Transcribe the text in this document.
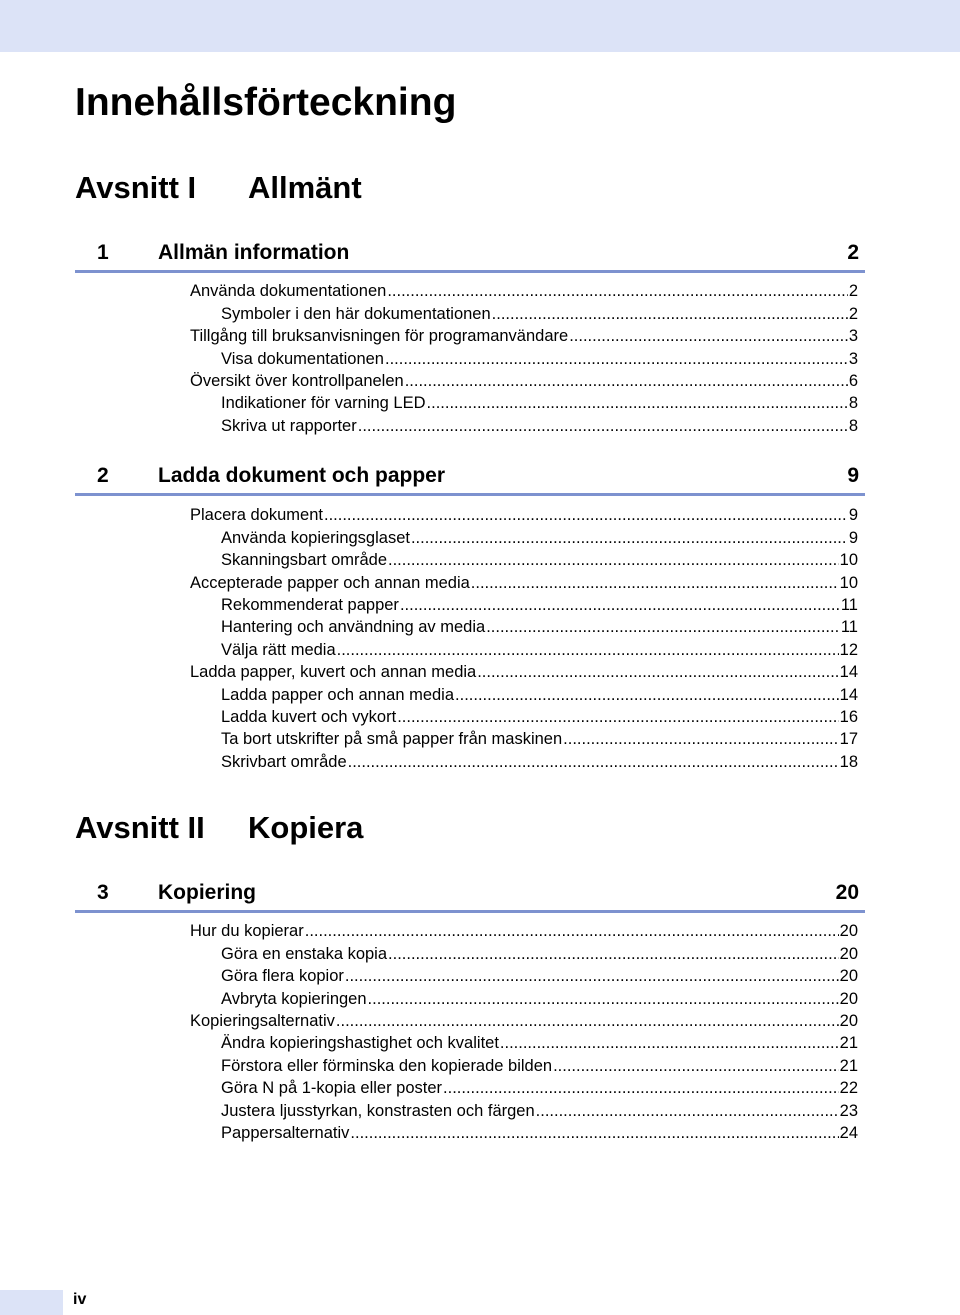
Innehållsförteckning
Avsnitt I Allmänt
1 Allmän information	2
Använda dokumentationen .....	2
Symboler i den här dokumentationen .....	2
Tillgång till bruksanvisningen för programanvändare .....	3
Visa dokumentationen .....	3
Översikt över kontrollpanelen .....	6
Indikationer för varning LED .....	8
Skriva ut rapporter .....	8
2 Ladda dokument och papper	9
Placera dokument .....	9
Använda kopieringsglaset .....	9
Skanningsbart område .....	10
Accepterade papper och annan media .....	10
Rekommenderat papper .....	11
Hantering och användning av media .....	11
Välja rätt media .....	12
Ladda papper, kuvert och annan media .....	14
Ladda papper och annan media .....	14
Ladda kuvert och vykort .....	16
Ta bort utskrifter på små papper från maskinen .....	17
Skrivbart område .....	18
Avsnitt II Kopiera
3 Kopiering	20
Hur du kopierar .....	20
Göra en enstaka kopia .....	20
Göra flera kopior .....	20
Avbryta kopieringen .....	20
Kopieringsalternativ .....	20
Ändra kopieringshastighet och kvalitet .....	21
Förstora eller förminska den kopierade bilden .....	21
Göra N på 1-kopia eller poster .....	22
Justera ljusstyrkan, konstrasten och färgen .....	23
Pappersalternativ .....	24
iv
